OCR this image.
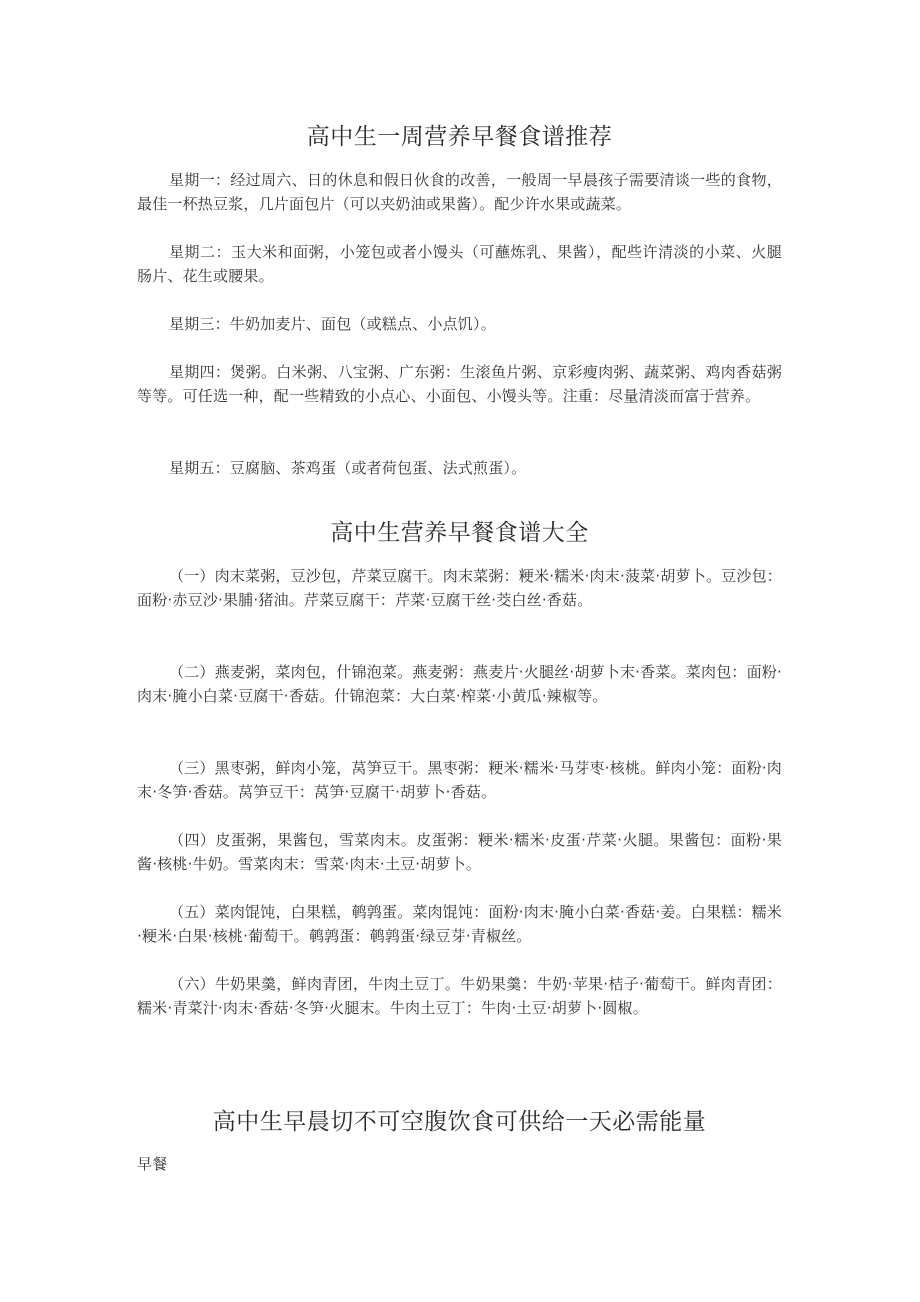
高中生一周营养早餐食谱推荐

星期一：经过周六、日的休息和假日伙食的改善，一般周一早晨孩子需要清谈一些的食物，最佳一杯热豆浆，几片面包片（可以夹奶油或果酱）。配少许水果或蔬菜。

星期二：玉大米和面粥，小笼包或者小馒头（可蘸炼乳、果酱），配些许清淡的小菜、火腿肠片、花生或腰果。

星期三：牛奶加麦片、面包（或糕点、小点饥）。

星期四：煲粥。白米粥、八宝粥、广东粥：生滚鱼片粥、京彩瘦肉粥、蔬菜粥、鸡肉香菇粥等等。可任选一种，配一些精致的小点心、小面包、小馒头等。注重：尽量清淡而富于营养。

星期五：豆腐脑、茶鸡蛋（或者荷包蛋、法式煎蛋）。

高中生营养早餐食谱大全

（一）肉末菜粥，豆沙包，芹菜豆腐干。肉末菜粥：粳米·糯米·肉末·菠菜·胡萝卜。豆沙包：面粉·赤豆沙·果脯·猪油。芹菜豆腐干：芹菜·豆腐干丝·茭白丝·香菇。

（二）燕麦粥，菜肉包，什锦泡菜。燕麦粥：燕麦片·火腿丝·胡萝卜末·香菜。菜肉包：面粉·肉末·腌小白菜·豆腐干·香菇。什锦泡菜：大白菜·榨菜·小黄瓜·辣椒等。

（三）黑枣粥，鲜肉小笼，莴笋豆干。黑枣粥：粳米·糯米·马芽枣·核桃。鲜肉小笼：面粉·肉末·冬笋·香菇。莴笋豆干：莴笋·豆腐干·胡萝卜·香菇。

（四）皮蛋粥，果酱包，雪菜肉末。皮蛋粥：粳米·糯米·皮蛋·芹菜·火腿。果酱包：面粉·果酱·核桃·牛奶。雪菜肉末：雪菜·肉末·土豆·胡萝卜。

（五）菜肉馄饨，白果糕，鹌鹑蛋。菜肉馄饨：面粉·肉末·腌小白菜·香菇·姜。白果糕：糯米·粳米·白果·核桃·葡萄干。鹌鹑蛋：鹌鹑蛋·绿豆芽·青椒丝。

（六）牛奶果羹，鲜肉青团，牛肉土豆丁。牛奶果羹：牛奶·苹果·桔子·葡萄干。鲜肉青团：糯米·青菜汁·肉末·香菇·冬笋·火腿末。牛肉土豆丁：牛肉·土豆·胡萝卜·圆椒。

高中生早晨切不可空腹饮食可供给一天必需能量

早餐
